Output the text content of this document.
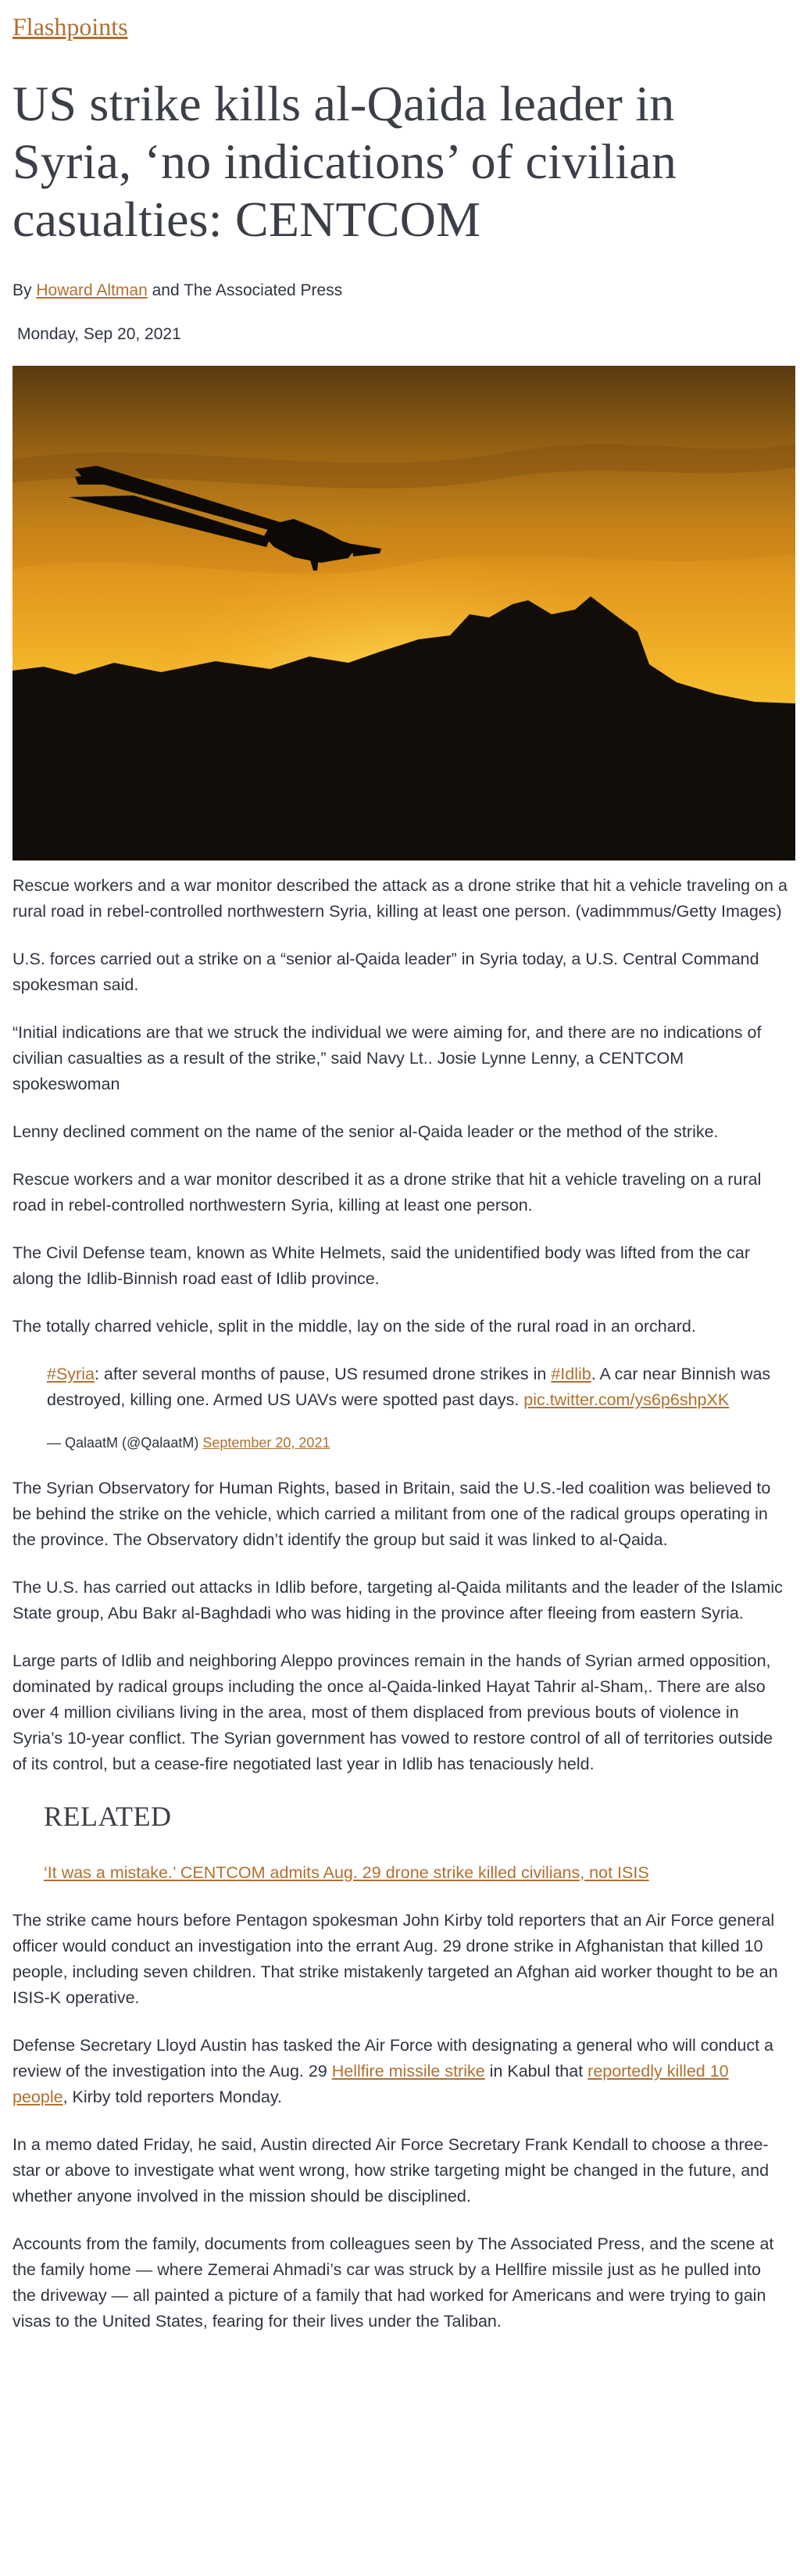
Flashpoints
US strike kills al-Qaida leader in Syria, ‘no indications’ of civilian casualties: CENTCOM
By Howard Altman and The Associated Press
Monday, Sep 20, 2021

Rescue workers and a war monitor described the attack as a drone strike that hit a vehicle traveling on a rural road in rebel-controlled northwestern Syria, killing at least one person. (vadimmmus/Getty Images)

U.S. forces carried out a strike on a “senior al-Qaida leader” in Syria today, a U.S. Central Command spokesman said.

“Initial indications are that we struck the individual we were aiming for, and there are no indications of civilian casualties as a result of the strike,” said Navy Lt.. Josie Lynne Lenny, a CENTCOM spokeswoman

Lenny declined comment on the name of the senior al-Qaida leader or the method of the strike.

Rescue workers and a war monitor described it as a drone strike that hit a vehicle traveling on a rural road in rebel-controlled northwestern Syria, killing at least one person.

The Civil Defense team, known as White Helmets, said the unidentified body was lifted from the car along the Idlib-Binnish road east of Idlib province.

The totally charred vehicle, split in the middle, lay on the side of the rural road in an orchard.

#Syria: after several months of pause, US resumed drone strikes in #Idlib. A car near Binnish was destroyed, killing one. Armed US UAVs were spotted past days. pic.twitter.com/ys6p6shpXK
— QalaatM (@QalaatM) September 20, 2021

The Syrian Observatory for Human Rights, based in Britain, said the U.S.-led coalition was believed to be behind the strike on the vehicle, which carried a militant from one of the radical groups operating in the province. The Observatory didn’t identify the group but said it was linked to al-Qaida.

The U.S. has carried out attacks in Idlib before, targeting al-Qaida militants and the leader of the Islamic State group, Abu Bakr al-Baghdadi who was hiding in the province after fleeing from eastern Syria.

Large parts of Idlib and neighboring Aleppo provinces remain in the hands of Syrian armed opposition, dominated by radical groups including the once al-Qaida-linked Hayat Tahrir al-Sham,. There are also over 4 million civilians living in the area, most of them displaced from previous bouts of violence in Syria’s 10-year conflict. The Syrian government has vowed to restore control of all of territories outside of its control, but a cease-fire negotiated last year in Idlib has tenaciously held.

RELATED
‘It was a mistake.’ CENTCOM admits Aug. 29 drone strike killed civilians, not ISIS

The strike came hours before Pentagon spokesman John Kirby told reporters that an Air Force general officer would conduct an investigation into the errant Aug. 29 drone strike in Afghanistan that killed 10 people, including seven children. That strike mistakenly targeted an Afghan aid worker thought to be an ISIS-K operative.

Defense Secretary Lloyd Austin has tasked the Air Force with designating a general who will conduct a review of the investigation into the Aug. 29 Hellfire missile strike in Kabul that reportedly killed 10 people, Kirby told reporters Monday.

In a memo dated Friday, he said, Austin directed Air Force Secretary Frank Kendall to choose a three-star or above to investigate what went wrong, how strike targeting might be changed in the future, and whether anyone involved in the mission should be disciplined.

Accounts from the family, documents from colleagues seen by The Associated Press, and the scene at the family home — where Zemerai Ahmadi’s car was struck by a Hellfire missile just as he pulled into the driveway — all painted a picture of a family that had worked for Americans and were trying to gain visas to the United States, fearing for their lives under the Taliban.
